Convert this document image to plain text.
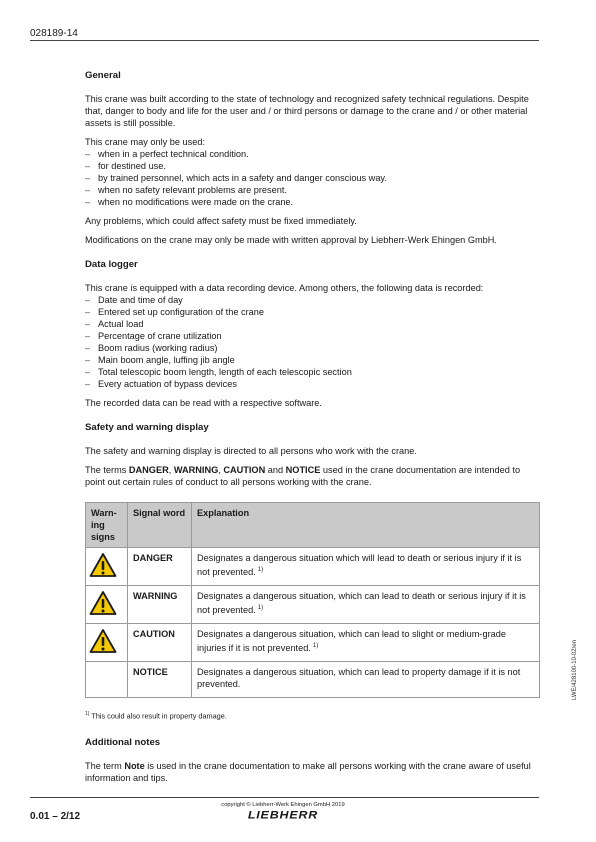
028189-14
General

This crane was built according to the state of technology and recognized safety technical regulations. Despite that, danger to body and life for the user and / or third persons or damage to the crane and / or other material assets is still possible.

This crane may only be used:

– when in a perfect technical condition.
– for destined use.
– by trained personnel, which acts in a safety and danger conscious way.
– when no safety relevant problems are present.
– when no modifications were made on the crane.

Any problems, which could affect safety must be fixed immediately.

Modifications on the crane may only be made with written approval by Liebherr-Werk Ehingen GmbH.

Data logger

This crane is equipped with a data recording device. Among others, the following data is recorded:

– Date and time of day
– Entered set up configuration of the crane
– Actual load
– Percentage of crane utilization
– Boom radius (working radius)
– Main boom angle, luffing jib angle
– Total telescopic boom length, length of each telescopic section
– Every actuation of bypass devices

The recorded data can be read with a respective software.

Safety and warning display

The safety and warning display is directed to all persons who work with the crane.

The terms DANGER, WARNING, CAUTION and NOTICE used in the crane documentation are intended to point out certain rules of conduct to all persons working with the crane.

Warn-ing signs	Signal word	Explanation
	DANGER	Designates a dangerous situation which will lead to death or serious injury if it is not prevented. $^{1)}$
	WARNING	Designates a dangerous situation, which can lead to death or serious injury if it is not prevented. $^{1)}$
	CAUTION	Designates a dangerous situation, which can lead to slight or medium-grade injuries if it is not prevented. $^{1)}$
	NOTICE	Designates a dangerous situation, which can lead to property damage if it is not prevented.
$^{1)}$ This could also result in property damage.
Additional notes

The term Note is used in the crane documentation to make all persons working with the crane aware of useful information and tips.

LWE/428100-10-02/en
0.01 – 2/12
copyright © Liebherr-Werk Ehingen GmbH 2019
LIEBHERR
